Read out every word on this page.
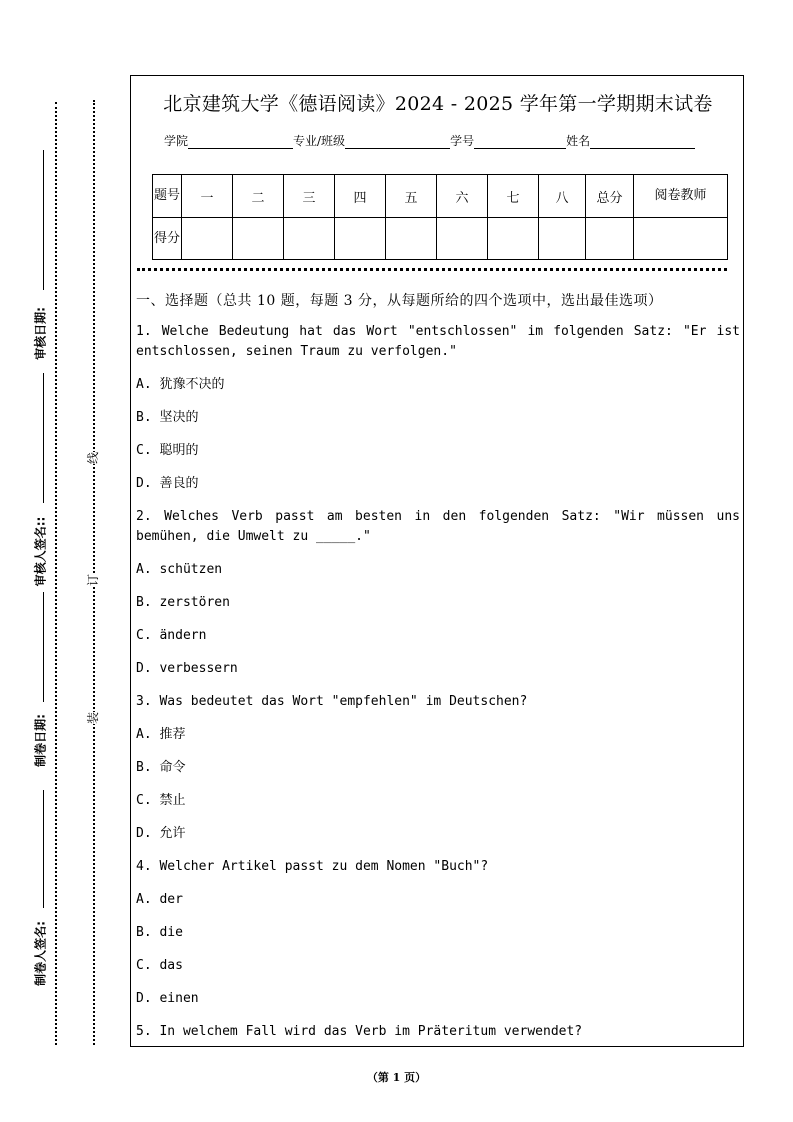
审核日期:
审核人签名::
制卷日期:
制卷人签名:
线
订
装
北京建筑大学《德语阅读》2024 - 2025 学年第一学期期末试卷
学院	专业/班级	学号	姓名
题号	一	二	三	四	五	六	七	八	总分	阅卷教师
得分										
一、选择题（总共 10 题，每题 3 分，从每题所给的四个选项中，选出最佳选项）
1. Welche Bedeutung hat das Wort "entschlossen" im folgenden Satz: "Er ist entschlossen, seinen Traum zu verfolgen."
A. 犹豫不决的
B. 坚决的
C. 聪明的
D. 善良的
2. Welches Verb passt am besten in den folgenden Satz: "Wir müssen uns bemühen, die Umwelt zu _____."
A. schützen
B. zerstören
C. ändern
D. verbessern
3. Was bedeutet das Wort "empfehlen" im Deutschen?
A. 推荐
B. 命令
C. 禁止
D. 允许
4. Welcher Artikel passt zu dem Nomen "Buch"?
A. der
B. die
C. das
D. einen
5. In welchem Fall wird das Verb im Präteritum verwendet?
（第 1 页）
